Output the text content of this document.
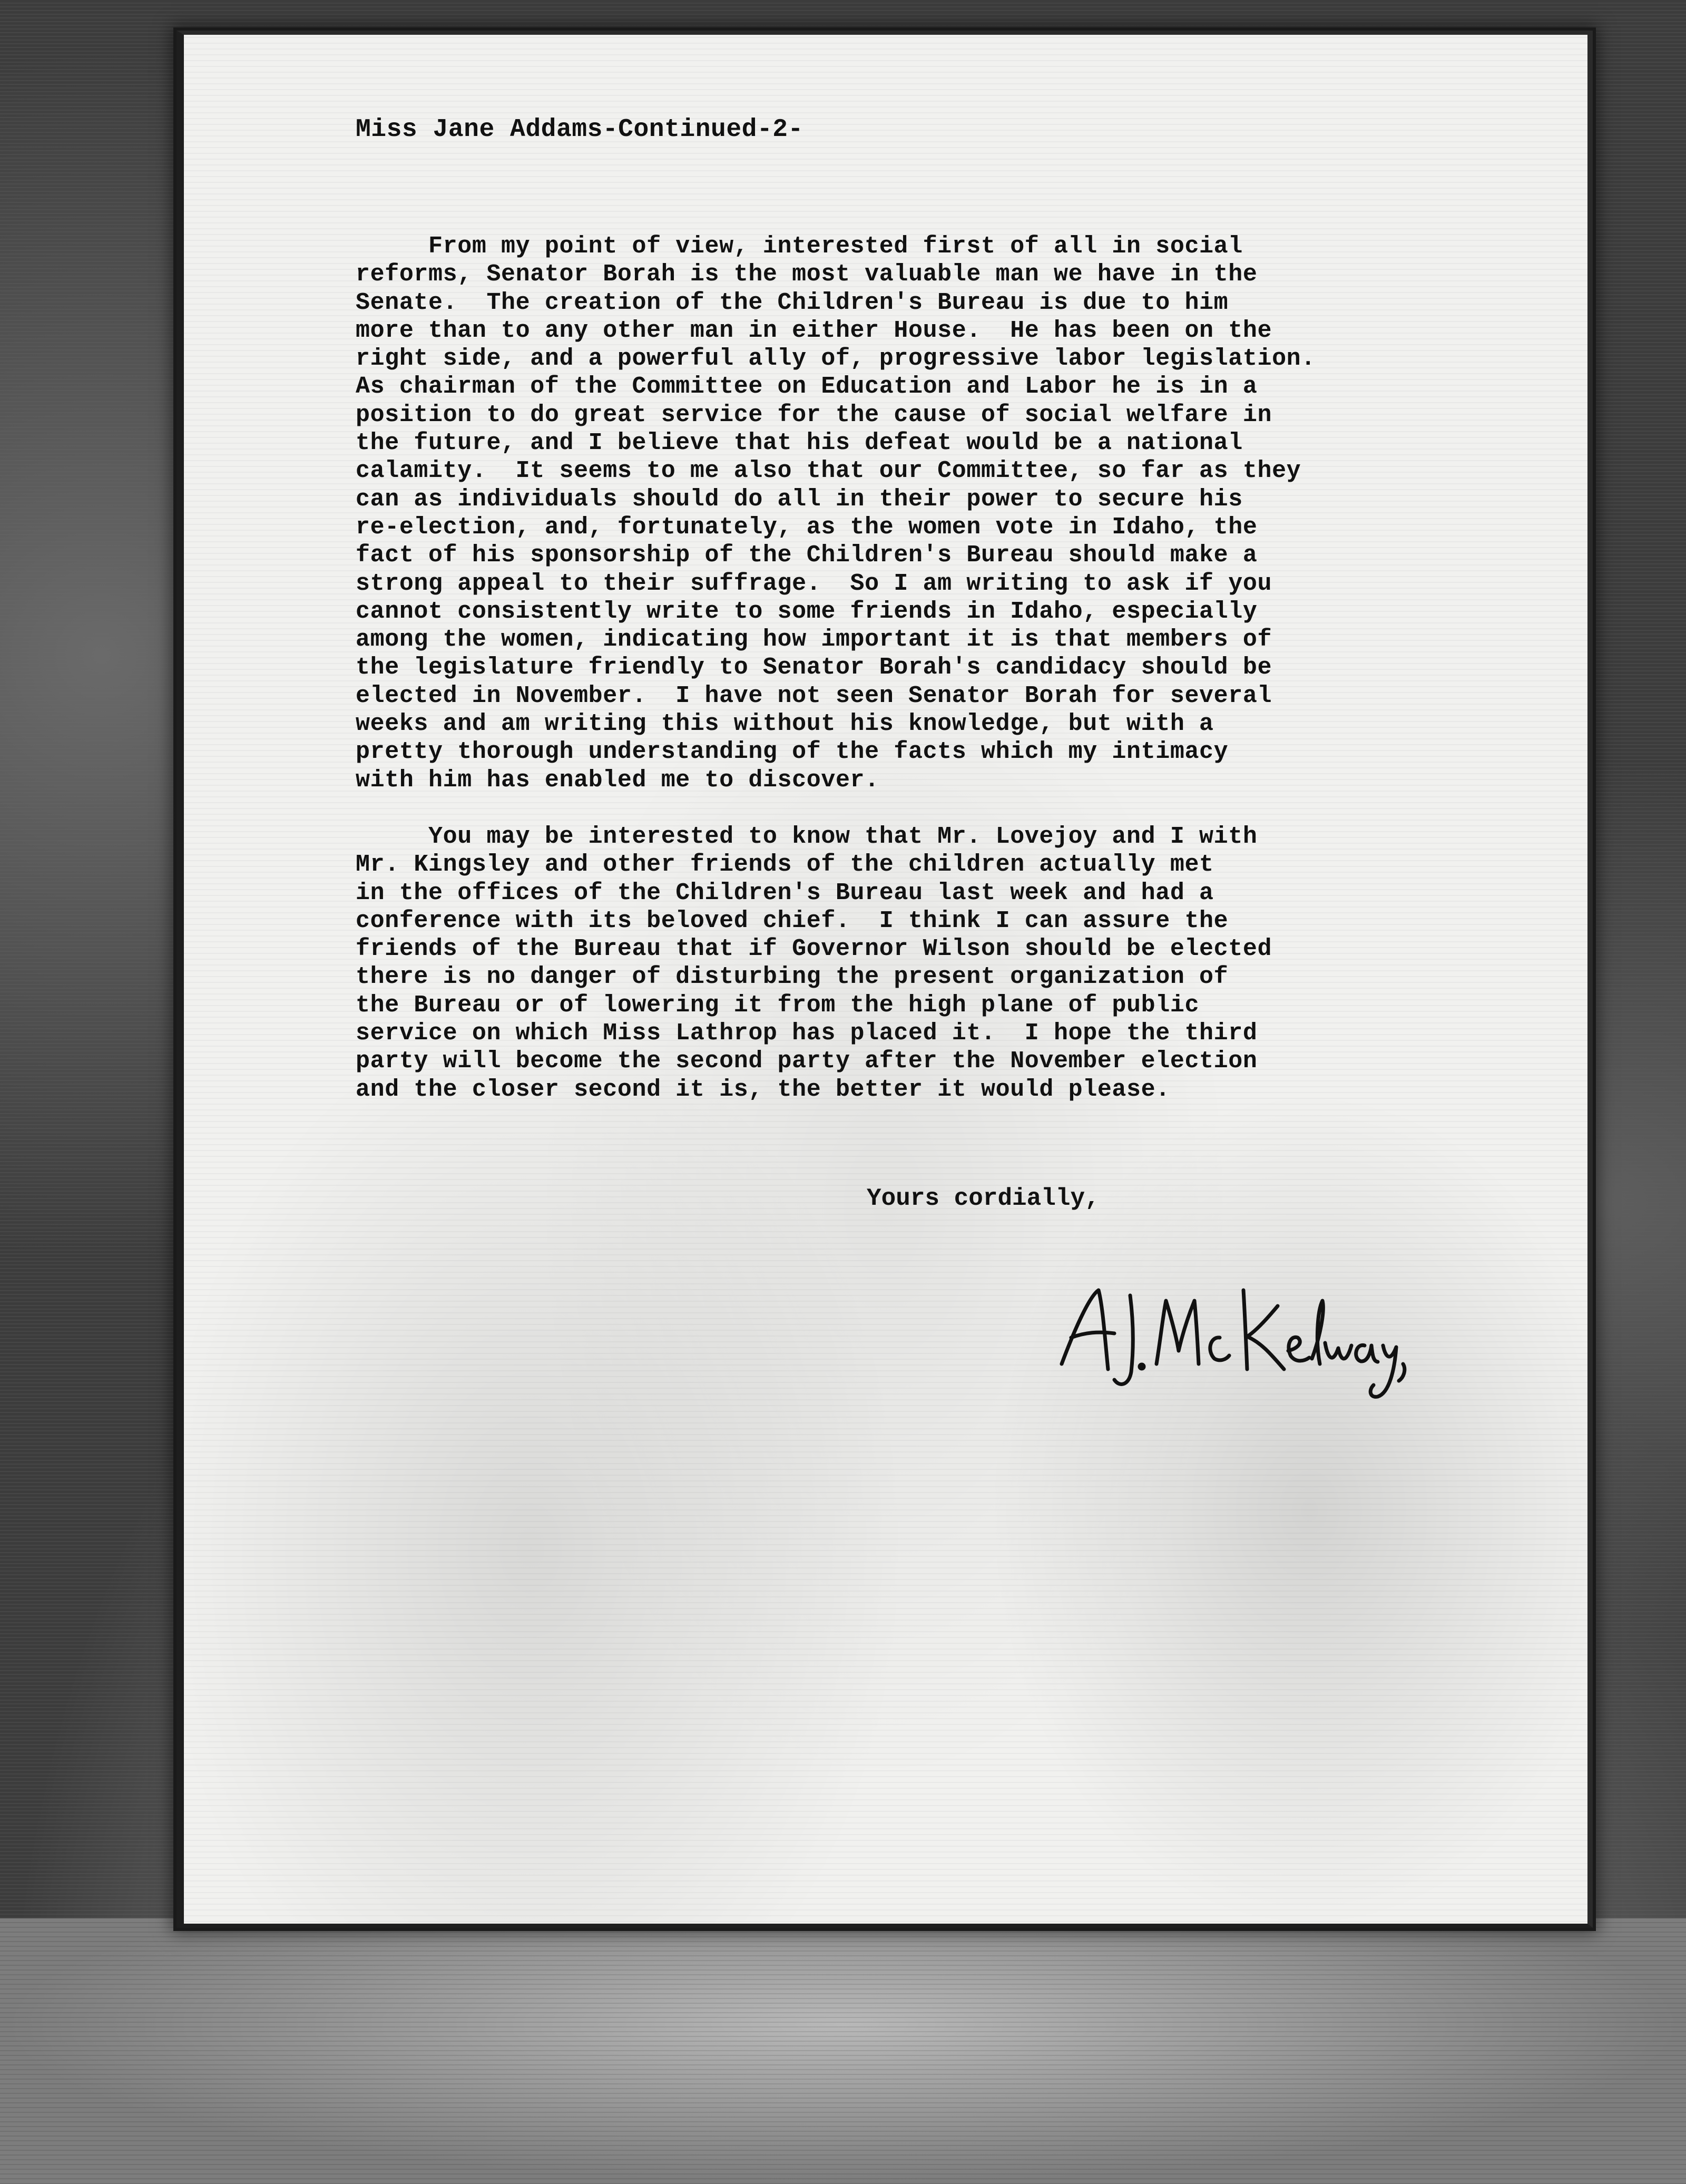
Miss Jane Addams-Continued-2-
From my point of view, interested first of all in social
reforms, Senator Borah is the most valuable man we have in the
Senate.  The creation of the Children's Bureau is due to him
more than to any other man in either House.  He has been on the
right side, and a powerful ally of, progressive labor legislation.
As chairman of the Committee on Education and Labor he is in a
position to do great service for the cause of social welfare in
the future, and I believe that his defeat would be a national
calamity.  It seems to me also that our Committee, so far as they
can as individuals should do all in their power to secure his
re-election, and, fortunately, as the women vote in Idaho, the
fact of his sponsorship of the Children's Bureau should make a
strong appeal to their suffrage.  So I am writing to ask if you
cannot consistently write to some friends in Idaho, especially
among the women, indicating how important it is that members of
the legislature friendly to Senator Borah's candidacy should be
elected in November.  I have not seen Senator Borah for several
weeks and am writing this without his knowledge, but with a
pretty thorough understanding of the facts which my intimacy
with him has enabled me to discover.
You may be interested to know that Mr. Lovejoy and I with
Mr. Kingsley and other friends of the children actually met
in the offices of the Children's Bureau last week and had a
conference with its beloved chief.  I think I can assure the
friends of the Bureau that if Governor Wilson should be elected
there is no danger of disturbing the present organization of
the Bureau or of lowering it from the high plane of public
service on which Miss Lathrop has placed it.  I hope the third
party will become the second party after the November election
and the closer second it is, the better it would please.
Yours cordially,
